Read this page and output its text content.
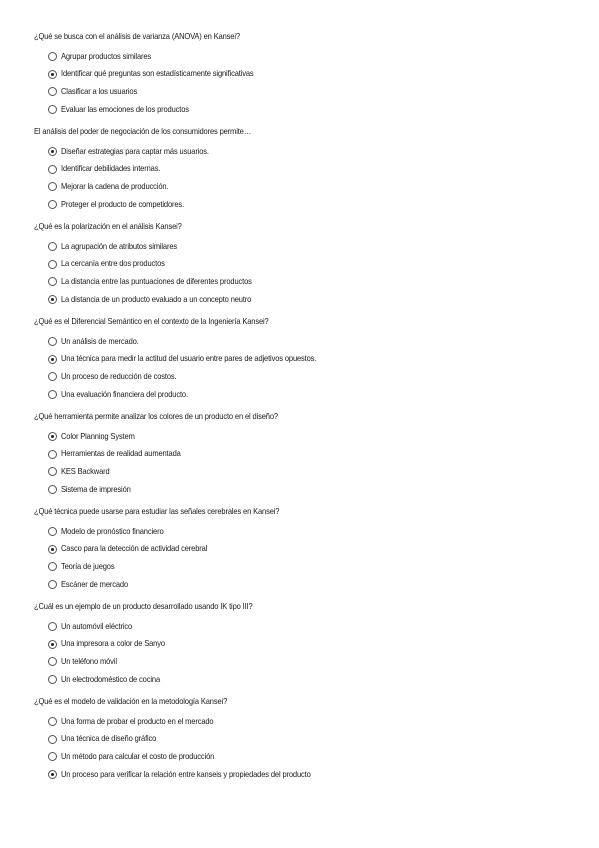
¿Qué se busca con el análisis de varianza (ANOVA) en Kansei?
Agrupar productos similares
Identificar qué preguntas son estadísticamente significativas
Clasificar a los usuarios
Evaluar las emociones de los productos
El análisis del poder de negociación de los consumidores permite…
Diseñar estrategias para captar más usuarios.
Identificar debilidades internas.
Mejorar la cadena de producción.
Proteger el producto de competidores.
¿Qué es la polarización en el análisis Kansei?
La agrupación de atributos similares
La cercanía entre dos productos
La distancia entre las puntuaciones de diferentes productos
La distancia de un producto evaluado a un concepto neutro
¿Qué es el Diferencial Semántico en el contexto de la Ingeniería Kansei?
Un análisis de mercado.
Una técnica para medir la actitud del usuario entre pares de adjetivos opuestos.
Un proceso de reducción de costos.
Una evaluación financiera del producto.
¿Qué herramienta permite analizar los colores de un producto en el diseño?
Color Planning System
Herramientas de realidad aumentada
KES Backward
Sistema de impresión
¿Qué técnica puede usarse para estudiar las señales cerebrales en Kansei?
Modelo de pronóstico financiero
Casco para la detección de actividad cerebral
Teoría de juegos
Escáner de mercado
¿Cuál es un ejemplo de un producto desarrollado usando IK tipo III?
Un automóvil eléctrico
Una impresora a color de Sanyo
Un teléfono móvil
Un electrodoméstico de cocina
¿Qué es el modelo de validación en la metodología Kansei?
Una forma de probar el producto en el mercado
Una técnica de diseño gráfico
Un método para calcular el costo de producción
Un proceso para verificar la relación entre kanseis y propiedades del producto
